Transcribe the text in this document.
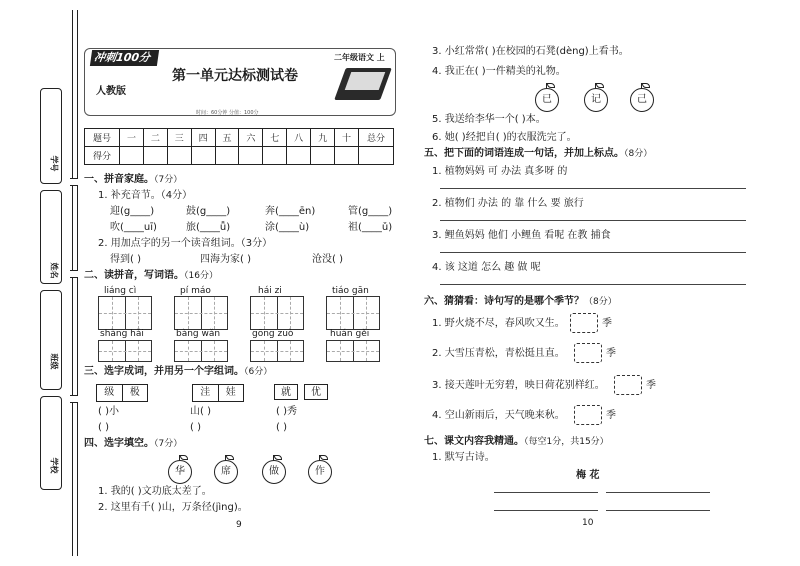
学号
姓名
班级
学校
冲刺100分
人教版
第一单元达标测试卷
二年级语文 上
时间：60分钟 分值：100分
题号	一	二	三	四	五	六	七	八	九	十	总分
得分											
一、拼音家庭。（7分）
1. 补充音节。（4分）
迎(g____)	鼓(g____)	奔(____ēn)	管(g____)
吹(____uī)	旅(____ǚ)	涂(____ù)	祖(____ǔ)
2. 用加点字的另一个读音组词。（3分）
得到( )	四海为家( )	沧没( )
二、读拼音，写词语。（16分）
liáng cì	pí máo	hái zi	tiáo gān
shàng hǎi	bàng wǎn	gōng zuò	huán gěi
三、选字成词，并用另一个字组词。（6分）
级	极	洼	娃	就	优
( )小	山( )	( )秀
( )	( )	( )
四、选字填空。（7分）
华	席	做	作
1. 我的( )文功底太差了。
2. 这里有千( )山，万条径(jìng)。
9
3. 小红常常( )在校园的石凳(dèng)上看书。
4. 我正在( )一件精美的礼物。
已	记	己
5. 我送给李华一个( )本。
6. 她( )经把自( )的衣服洗完了。
五、把下面的词语连成一句话，并加上标点。（8分）
1. 植物妈妈 可 办法 真多呀 的
2. 植物们 办法 的 靠 什么 要 旅行
3. 鲤鱼妈妈 他们 小鲤鱼 看呢 在教 捕食
4. 该 这道 怎么 趣 做 呢
六、猜猜看：诗句写的是哪个季节？（8分）
1. 野火烧不尽，春风吹又生。	季
2. 大雪压青松，青松挺且直。	季
3. 接天莲叶无穷碧，映日荷花别样红。	季
4. 空山新雨后，天气晚来秋。	季
七、课文内容我精通。（每空1分，共15分）
1. 默写古诗。
梅 花
10
